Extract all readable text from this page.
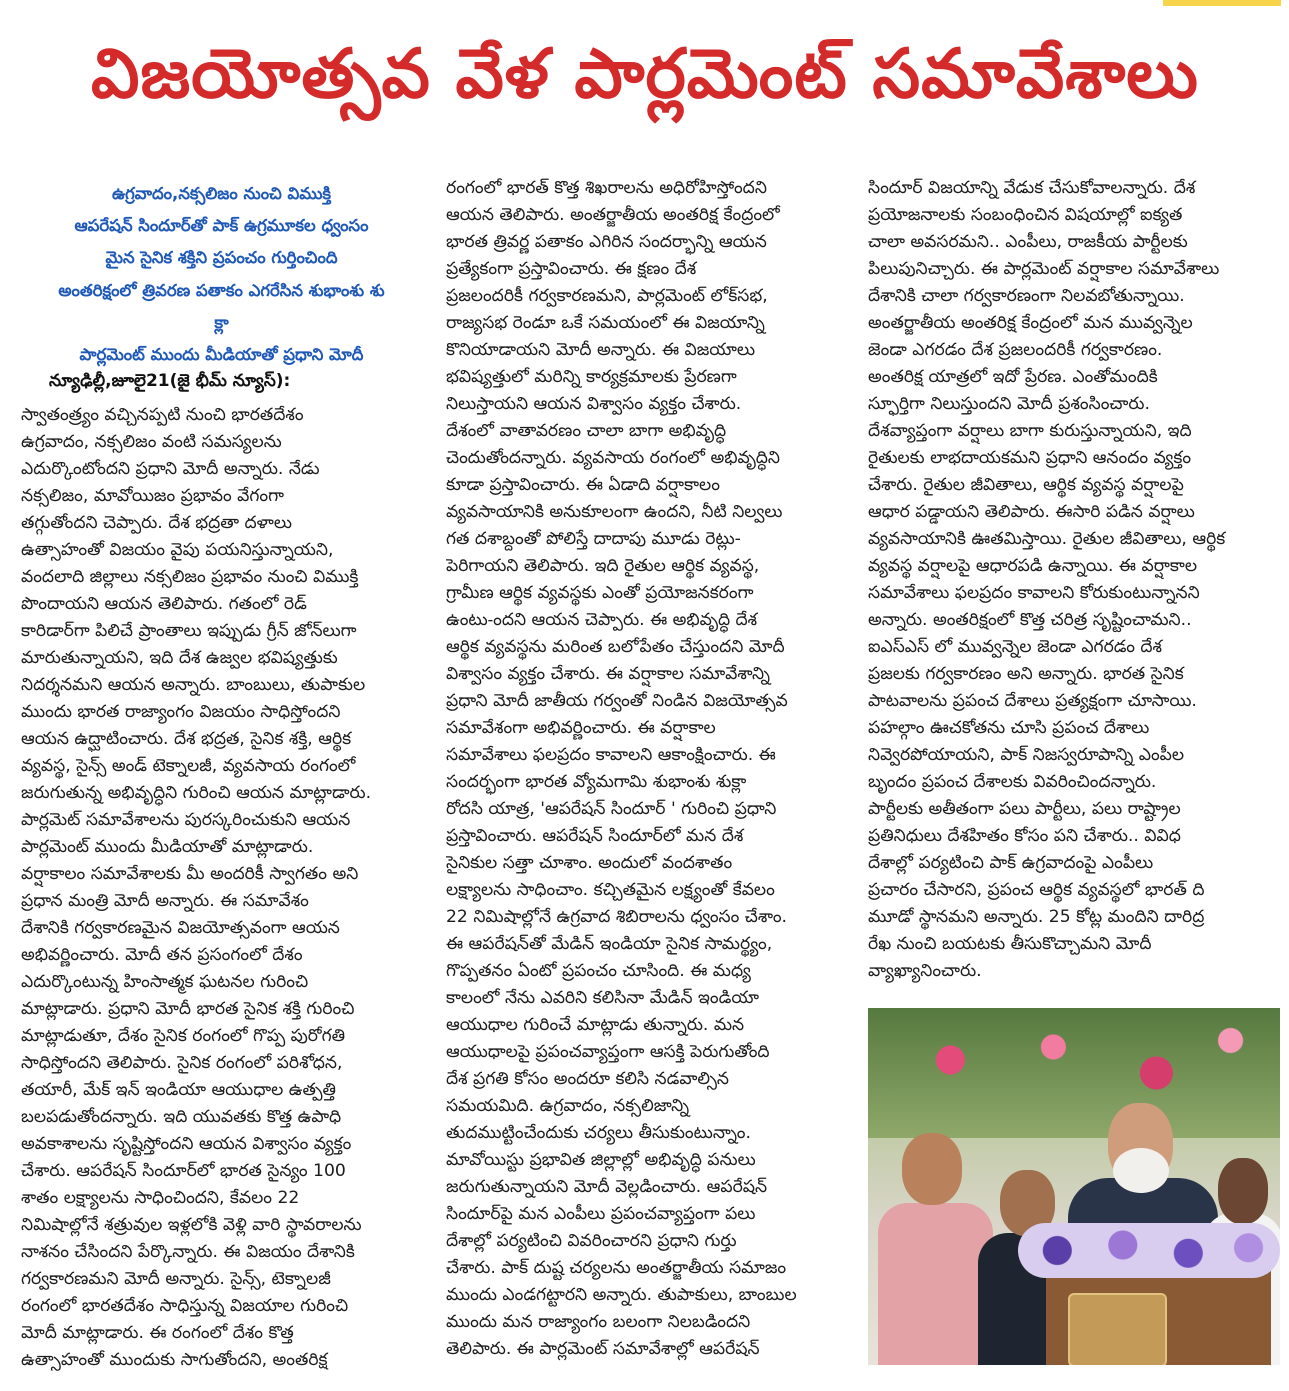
విజయోత్సవ వేళ పార్లమెంట్ సమావేశాలు
ఉగ్రవాదం,నక్సలిజం నుంచి విముక్తి
ఆపరేషన్ సిందూర్‌తో పాక్ ఉగ్రమూకల ధ్వంసం
మైన సైనిక శక్తిని ప్రపంచం గుర్తించింది
అంతరిక్షంలో త్రివరణ పతాకం ఎగరేసిన శుభాంశు శు
క్లా
పార్లమెంట్ ముందు మీడియాతో ప్రధాని మోదీ
న్యూఢిల్లీ,జూలై21(జై భీమ్ న్యూస్):

స్వాతంత్ర్యం వచ్చినప్పటి నుంచి భారతదేశం

ఉగ్రవాదం, నక్సలిజం వంటి సమస్యలను

ఎదుర్కొంటోందని ప్రధాని మోదీ అన్నారు. నేడు

నక్సలిజం, మావోయిజం ప్రభావం వేగంగా

తగ్గుతోందని చెప్పారు. దేశ భద్రతా దళాలు

ఉత్సాహంతో విజయం వైపు పయనిస్తున్నాయని,

వందలాది జిల్లాలు నక్సలిజం ప్రభావం నుంచి విముక్తి

పొందాయని ఆయన తెలిపారు. గతంలో రెడ్

కారిడార్‌గా పిలిచే ప్రాంతాలు ఇప్పుడు గ్రీన్ జోన్‌లుగా

మారుతున్నాయని, ఇది దేశ ఉజ్వల భవిష్యత్తుకు

నిదర్శనమని ఆయన అన్నారు. బాంబులు, తుపాకుల

ముందు భారత రాజ్యాంగం విజయం సాధిస్తోందని

ఆయన ఉద్ఘాటించారు. దేశ భద్రత, సైనిక శక్తి, ఆర్థిక

వ్యవస్థ, సైన్స్ అండ్ టెక్నాలజీ, వ్యవసాయ రంగంలో

జరుగుతున్న అభివృద్ధిని గురించి ఆయన మాట్లాడారు.

పార్లమెట్ సమావేశాలను పురస్కరించుకుని ఆయన

పార్లమెంట్ ముందు మీడియాతో మాట్లాడారు.

వర్షాకాలం సమావేశాలకు మీ అందరికీ స్వాగతం అని

ప్రధాన మంత్రి మోదీ అన్నారు. ఈ సమావేశం

దేశానికి గర్వకారణమైన విజయోత్సవంగా ఆయన

అభివర్ణించారు. మోదీ తన ప్రసంగంలో దేశం

ఎదుర్కొంటున్న హింసాత్మక ఘటనల గురించి

మాట్లాడారు. ప్రధాని మోదీ భారత సైనిక శక్తి గురించి

మాట్లాడుతూ, దేశం సైనిక రంగంలో గొప్ప పురోగతి

సాధిస్తోందని తెలిపారు. సైనిక రంగంలో పరిశోధన,

తయారీ, మేక్ ఇన్ ఇండియా ఆయుధాల ఉత్పత్తి

బలపడుతోందన్నారు. ఇది యువతకు కొత్త ఉపాధి

అవకాశాలను సృష్టిస్తోందని ఆయన విశ్వాసం వ్యక్తం

చేశారు. ఆపరేషన్ సిందూర్‌లో భారత సైన్యం 100

శాతం లక్ష్యాలను సాధించిందని, కేవలం 22

నిమిషాల్లోనే శత్రువుల ఇళ్లలోకి వెళ్లి వారి స్థావరాలను

నాశనం చేసిందని పేర్కొన్నారు. ఈ విజయం దేశానికి

గర్వకారణమని మోదీ అన్నారు. సైన్స్, టెక్నాలజీ

రంగంలో భారతదేశం సాధిస్తున్న విజయాల గురించి

మోదీ మాట్లాడారు. ఈ రంగంలో దేశం కొత్త

ఉత్సాహంతో ముందుకు సాగుతోందని, అంతరిక్ష

రంగంలో భారత్ కొత్త శిఖరాలను అధిరోహిస్తోందని

ఆయన తెలిపారు. అంతర్జాతీయ అంతరిక్ష కేంద్రంలో

భారత త్రివర్ణ పతాకం ఎగిరిన సందర్భాన్ని ఆయన

ప్రత్యేకంగా ప్రస్తావించారు. ఈ క్షణం దేశ

ప్రజలందరికీ గర్వకారణమని, పార్లమెంట్ లోక్‌సభ,

రాజ్యసభ రెండూ ఒకే సమయంలో ఈ విజయాన్ని

కొనియాడాయని మోదీ అన్నారు. ఈ విజయాలు

భవిష్యత్తులో మరిన్ని కార్యక్రమాలకు ప్రేరణగా

నిలుస్తాయని ఆయన విశ్వాసం వ్యక్తం చేశారు.

దేశంలో వాతావరణం చాలా బాగా అభివృద్ధి

చెందుతోందన్నారు. వ్యవసాయ రంగంలో అభివృద్ధిని

కూడా ప్రస్తావించారు. ఈ ఏడాది వర్షాకాలం

వ్యవసాయానికి అనుకూలంగా ఉందని, నీటి నిల్వలు

గత దశాబ్దంతో పోలిస్తే దాదాపు మూడు రెట్లు-

పెరిగాయని తెలిపారు. ఇది రైతుల ఆర్థిక వ్యవస్థ,

గ్రామీణ ఆర్థిక వ్యవస్థకు ఎంతో ప్రయోజనకరంగా

ఉంటు-ందని ఆయన చెప్పారు. ఈ అభివృద్ధి దేశ

ఆర్థిక వ్యవస్థను మరింత బలోపేతం చేస్తుందని మోదీ

విశ్వాసం వ్యక్తం చేశారు. ఈ వర్షాకాల సమావేశాన్ని

ప్రధాని మోదీ జాతీయ గర్వంతో నిండిన విజయోత్సవ

సమావేశంగా అభివర్ణించారు. ఈ వర్షాకాల

సమావేశాలు ఫలప్రదం కావాలని ఆకాంక్షించారు. ఈ

సందర్భంగా భారత వ్యోమగామి శుభాంశు శుక్లా

రోదసి యాత్ర, 'ఆపరేషన్ సిందూర్ ' గురించి ప్రధాని

ప్రస్తావించారు. ఆపరేషన్ సిందూర్‌లో మన దేశ

సైనికుల సత్తా చూశాం. అందులో వందశాతం

లక్ష్యాలను సాధించాం. కచ్చితమైన లక్ష్యంతో కేవలం

22 నిమిషాల్లోనే ఉగ్రవాద శిబిరాలను ధ్వంసం చేశాం.

ఈ ఆపరేషన్‌తో మేడిన్ ఇండియా సైనిక సామర్థ్యం,

గొప్పతనం ఏంటో ప్రపంచం చూసింది. ఈ మధ్య

కాలంలో నేను ఎవరిని కలిసినా మేడిన్ ఇండియా

ఆయుధాల గురించే మాట్లాడు తున్నారు. మన

ఆయుధాలపై ప్రపంచవ్యాప్తంగా ఆసక్తి పెరుగుతోంది

దేశ ప్రగతి కోసం అందరూ కలిసి నడవాల్సిన

సమయమిది. ఉగ్రవాదం, నక్సలిజాన్ని

తుదముట్టించేందుకు చర్యలు తీసుకుంటున్నాం.

మావోయిస్టు ప్రభావిత జిల్లాల్లో అభివృద్ధి పనులు

జరుగుతున్నాయని మోదీ వెల్లడించారు. ఆపరేషన్

సిందూర్‌పై మన ఎంపీలు ప్రపంచవ్యాప్తంగా పలు

దేశాల్లో పర్యటించి వివరించారని ప్రధాని గుర్తు

చేశారు. పాక్ దుష్ట చర్యలను అంతర్జాతీయ సమాజం

ముందు ఎండగట్టారని అన్నారు. తుపాకులు, బాంబుల

ముందు మన రాజ్యాంగం బలంగా నిలబడిందని

తెలిపారు. ఈ పార్లమెంట్ సమావేశాల్లో ఆపరేషన్

సిందూర్ విజయాన్ని వేడుక చేసుకోవాలన్నారు. దేశ

ప్రయోజనాలకు సంబంధించిన విషయాల్లో ఐక్యత

చాలా అవసరమని.. ఎంపీలు, రాజకీయ పార్టీలకు

పిలుపునిచ్చారు. ఈ పార్లమెంట్ వర్షాకాల సమావేశాలు

దేశానికి చాలా గర్వకారణంగా నిలవబోతున్నాయి.

అంతర్జాతీయ అంతరిక్ష కేంద్రంలో మన మువ్వన్నెల

జెండా ఎగరడం దేశ ప్రజలందరికీ గర్వకారణం.

అంతరిక్ష యాత్రలో ఇదో ప్రేరణ. ఎంతోమందికి

స్ఫూర్తిగా నిలుస్తుందని మోదీ ప్రశంసించారు.

దేశవ్యాప్తంగా వర్షాలు బాగా కురుస్తున్నాయని, ఇది

రైతులకు లాభదాయకమని ప్రధాని ఆనందం వ్యక్తం

చేశారు. రైతుల జీవితాలు, ఆర్థిక వ్యవస్థ వర్షాలపై

ఆధార పడ్డాయని తెలిపారు. ఈసారి పడిన వర్షాలు

వ్యవసాయానికి ఊతమిస్తాయి. రైతుల జీవితాలు, ఆర్థిక

వ్యవస్థ వర్షాలపై ఆధారపడి ఉన్నాయి. ఈ వర్షాకాల

సమావేశాలు ఫలప్రదం కావాలని కోరుకుంటున్నానని

అన్నారు. అంతరిక్షంలో కొత్త చరిత్ర సృష్టించామని..

ఐఎస్ఎస్ లో మువ్వన్నెల జెండా ఎగరడం దేశ

ప్రజలకు గర్వకారణం అని అన్నారు. భారత సైనిక

పాటవాలను ప్రపంచ దేశాలు ప్రత్యక్షంగా చూసాయి.

పహల్గాం ఊచకోతను చూసి ప్రపంచ దేశాలు

నివ్వెరపోయాయని, పాక్ నిజస్వరూపాన్ని ఎంపీల

బృందం ప్రపంచ దేశాలకు వివరించిందన్నారు.

పార్టీలకు అతీతంగా పలు పార్టీలు, పలు రాష్ట్రాల

ప్రతినిధులు దేశహితం కోసం పని చేశారు.. వివిధ

దేశాల్లో పర్యటించి పాక్ ఉగ్రవాదంపై ఎంపీలు

ప్రచారం చేసారని, ప్రపంచ ఆర్థిక వ్యవస్థలో భారత్ ది

మూడో స్థానమని అన్నారు. 25 కోట్ల మందిని దారిద్ర

రేఖ నుంచి బయటకు తీసుకొచ్చామని మోదీ

వ్యాఖ్యానించారు.
